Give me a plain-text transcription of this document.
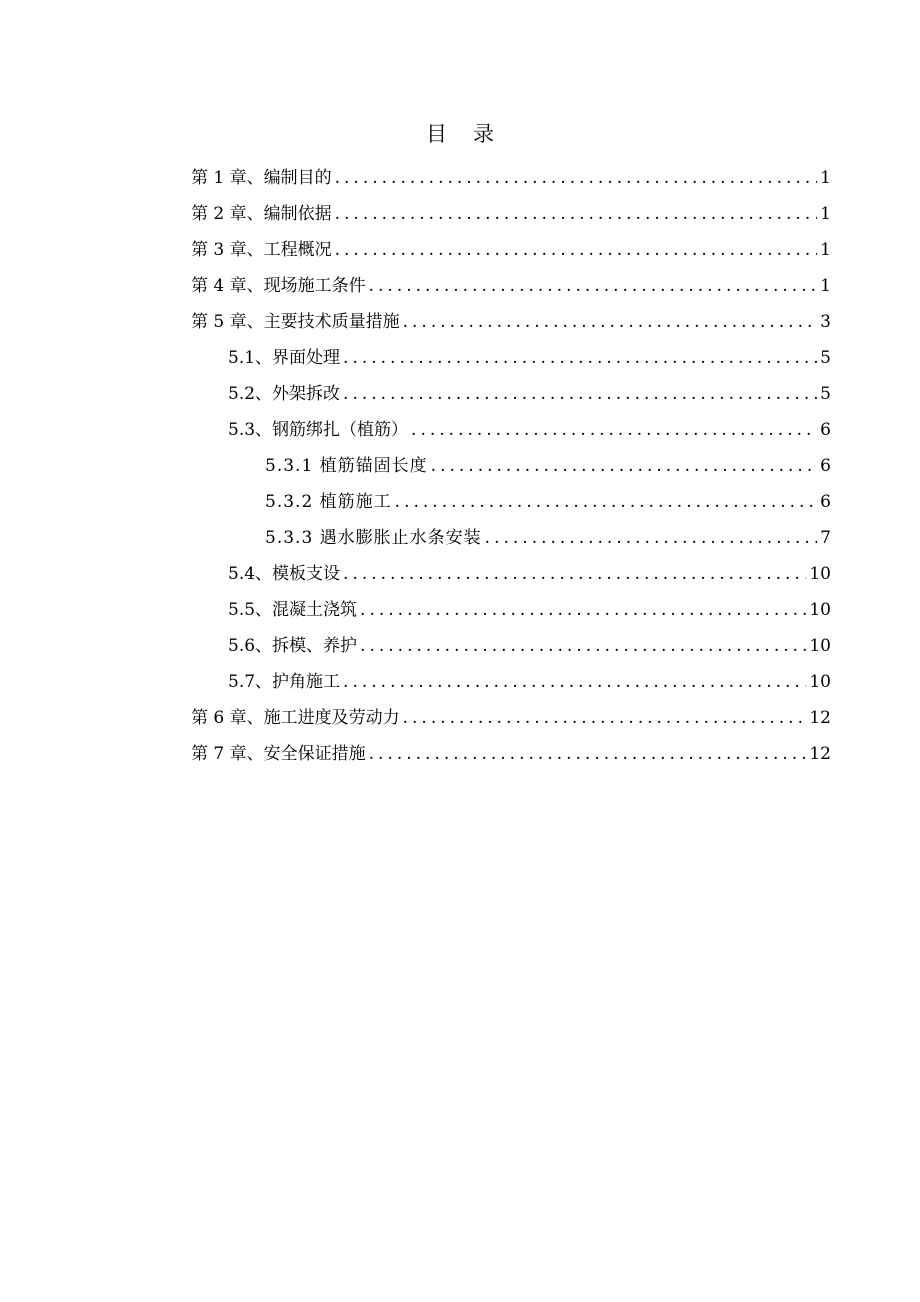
目 录
第 1 章、编制目的 .....	1
第 2 章、编制依据 .....	1
第 3 章、工程概况 .....	1
第 4 章、现场施工条件 .....	1
第 5 章、主要技术质量措施 .....	3
5.1、界面处理 .....	5
5.2、外架拆改 .....	5
5.3、钢筋绑扎（植筋） .....	6
5.3.1 植筋锚固长度 .....	6
5.3.2 植筋施工 .....	6
5.3.3 遇水膨胀止水条安装 .....	7
5.4、模板支设 .....	10
5.5、混凝土浇筑 .....	10
5.6、拆模、养护 .....	10
5.7、护角施工 .....	10
第 6 章、施工进度及劳动力 .....	12
第 7 章、安全保证措施 .....	12
